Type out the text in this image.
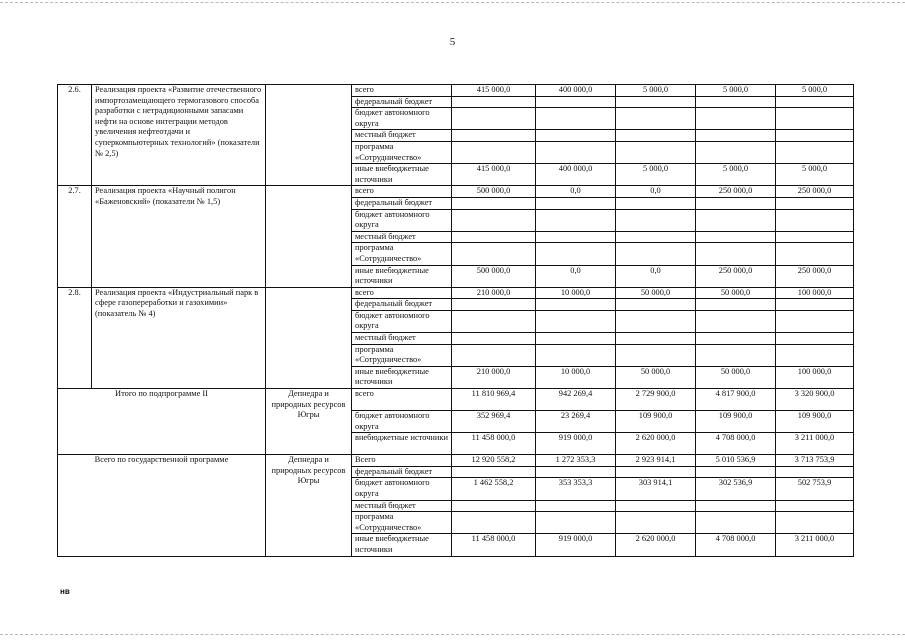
5
2.6.	Реализация проекта «Развитие отечественного импортозамещающего термогазового способа разработки с нетрадиционными запасами нефти на основе интеграции методов увеличения нефтеотдачи и суперкомпьютерных технологий» (показатели № 2,5)		всего	415 000,0	400 000,0	5 000,0	5 000,0	5 000,0
			федеральный бюджет					
			бюджет автономного округа					
			местный бюджет					
			программа «Сотрудничество»					
			иные внебюджетные источники	415 000,0	400 000,0	5 000,0	5 000,0	5 000,0
2.7.	Реализация проекта «Научный полигон «Баженовский» (показатели № 1,5)		всего	500 000,0	0,0	0,0	250 000,0	250 000,0
			федеральный бюджет					
			бюджет автономного округа					
			местный бюджет					
			программа «Сотрудничество»					
			иные внебюджетные источники	500 000,0	0,0	0,0	250 000,0	250 000,0
2.8.	Реализация проекта «Индустриальный парк в сфере газопереработки и газохимии» (показатель № 4)		всего	210 000,0	10 000,0	50 000,0	50 000,0	100 000,0
			федеральный бюджет					
			бюджет автономного округа					
			местный бюджет					
			программа «Сотрудничество»					
			иные внебюджетные источники	210 000,0	10 000,0	50 000,0	50 000,0	100 000,0
Итого по подпрограмме II		Депнедра и природных ресурсов Югры	всего	11 810 969,4	942 269,4	2 729 900,0	4 817 900,0	3 320 900,0
			бюджет автономного округа	352 969,4	23 269,4	109 900,0	109 900,0	109 900,0
			внебюджетные источники	11 458 000,0	919 000,0	2 620 000,0	4 708 000,0	3 211 000,0
Всего по государственной программе		Депнедра и природных ресурсов Югры	Всего	12 920 558,2	1 272 353,3	2 923 914,1	5 010 536,9	3 713 753,9
			федеральный бюджет					
			бюджет автономного округа	1 462 558,2	353 353,3	303 914,1	302 536,9	502 753,9
			местный бюджет					
			программа «Сотрудничество»					
			иные внебюджетные источники	11 458 000,0	919 000,0	2 620 000,0	4 708 000,0	3 211 000,0
нв
